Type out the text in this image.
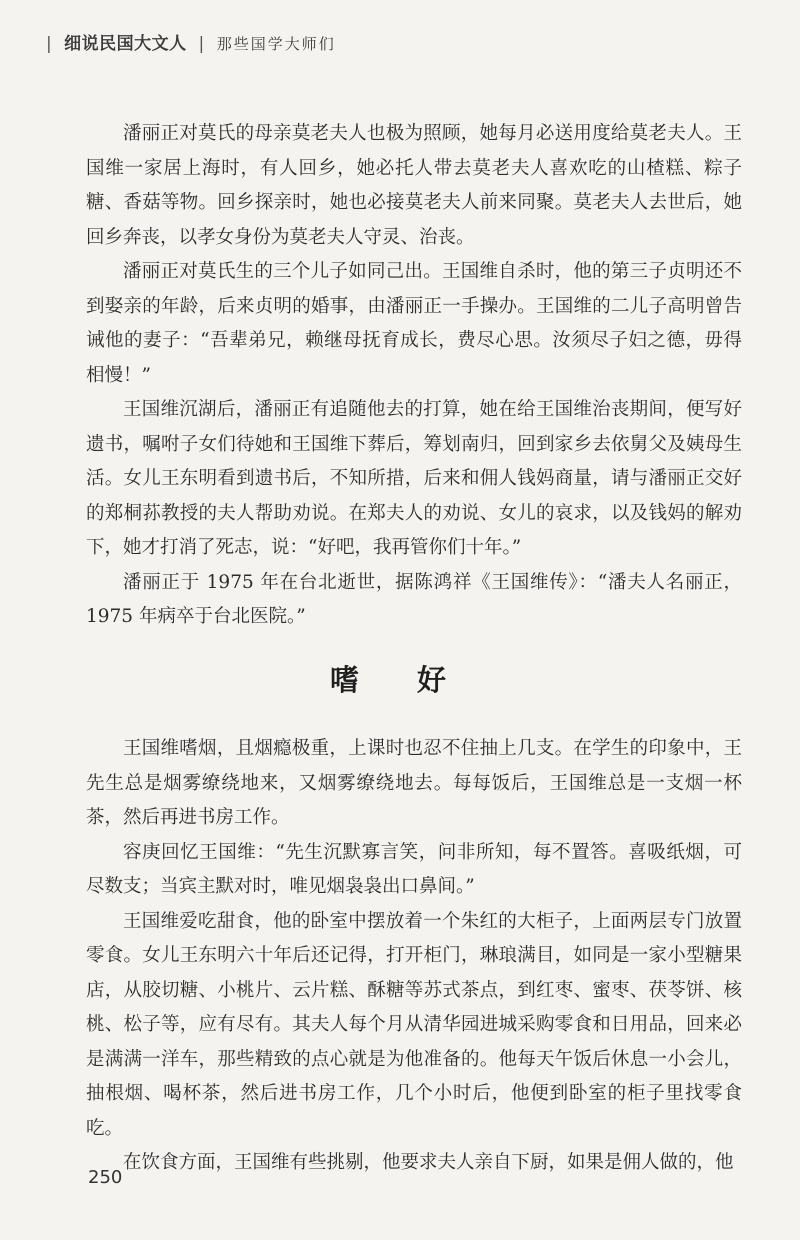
| 细说民国大文人 | 那些国学大师们

潘丽正对莫氏的母亲莫老夫人也极为照顾，她每月必送用度给莫老夫人。王国维一家居上海时，有人回乡，她必托人带去莫老夫人喜欢吃的山楂糕、粽子糖、香菇等物。回乡探亲时，她也必接莫老夫人前来同聚。莫老夫人去世后，她回乡奔丧，以孝女身份为莫老夫人守灵、治丧。

潘丽正对莫氏生的三个儿子如同己出。王国维自杀时，他的第三子贞明还不到娶亲的年龄，后来贞明的婚事，由潘丽正一手操办。王国维的二儿子高明曾告诫他的妻子：“吾辈弟兄，赖继母抚育成长，费尽心思。汝须尽子妇之德，毋得相慢！”

王国维沉湖后，潘丽正有追随他去的打算，她在给王国维治丧期间，便写好遗书，嘱咐子女们待她和王国维下葬后，筹划南归，回到家乡去依舅父及姨母生活。女儿王东明看到遗书后，不知所措，后来和佣人钱妈商量，请与潘丽正交好的郑桐荪教授的夫人帮助劝说。在郑夫人的劝说、女儿的哀求，以及钱妈的解劝下，她才打消了死志，说：“好吧，我再管你们十年。”

潘丽正于 1975 年在台北逝世，据陈鸿祥《王国维传》：“潘夫人名丽正，1975 年病卒于台北医院。”

嗜 好

王国维嗜烟，且烟瘾极重，上课时也忍不住抽上几支。在学生的印象中，王先生总是烟雾缭绕地来，又烟雾缭绕地去。每每饭后，王国维总是一支烟一杯茶，然后再进书房工作。

容庚回忆王国维：“先生沉默寡言笑，问非所知，每不置答。喜吸纸烟，可尽数支；当宾主默对时，唯见烟袅袅出口鼻间。”

王国维爱吃甜食，他的卧室中摆放着一个朱红的大柜子，上面两层专门放置零食。女儿王东明六十年后还记得，打开柜门，琳琅满目，如同是一家小型糖果店，从胶切糖、小桃片、云片糕、酥糖等苏式茶点，到红枣、蜜枣、茯苓饼、核桃、松子等，应有尽有。其夫人每个月从清华园进城采购零食和日用品，回来必是满满一洋车，那些精致的点心就是为他准备的。他每天午饭后休息一小会儿，抽根烟、喝杯茶，然后进书房工作，几个小时后，他便到卧室的柜子里找零食吃。

在饮食方面，王国维有些挑剔，他要求夫人亲自下厨，如果是佣人做的，他

250
